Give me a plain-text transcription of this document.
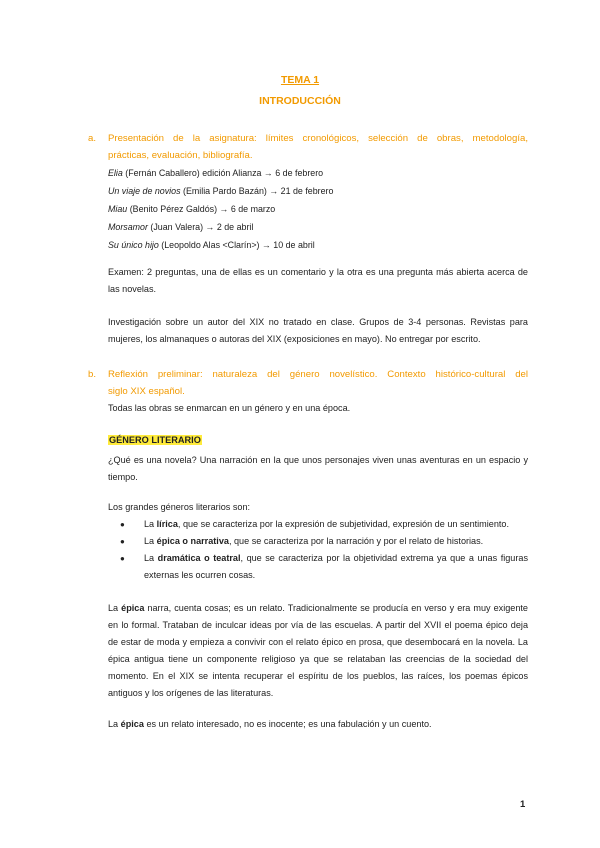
TEMA 1
INTRODUCCIÓN
a. Presentación de la asignatura: límites cronológicos, selección de obras, metodología,
prácticas, evaluación, bibliografía.
Elia (Fernán Caballero) edición Alianza → 6 de febrero
Un viaje de novios (Emilia Pardo Bazán) → 21 de febrero
Miau (Benito Pérez Galdós) → 6 de marzo
Morsamor (Juan Valera) → 2 de abril
Su único hijo (Leopoldo Alas <Clarín>) → 10 de abril
Examen: 2 preguntas, una de ellas es un comentario y la otra es una pregunta más abierta acerca de
las novelas.
Investigación sobre un autor del XIX no tratado en clase. Grupos de 3-4 personas. Revistas para
mujeres, los almanaques o autoras del XIX (exposiciones en mayo). No entregar por escrito.
b. Reflexión preliminar: naturaleza del género novelístico. Contexto histórico-cultural del
siglo XIX español.
Todas las obras se enmarcan en un género y en una época.
GÉNERO LITERARIO
¿Qué es una novela? Una narración en la que unos personajes viven unas aventuras en un espacio y
tiempo.
Los grandes géneros literarios son:
● La lírica, que se caracteriza por la expresión de subjetividad, expresión de un sentimiento.
● La épica o narrativa, que se caracteriza por la narración y por el relato de historias.
● La dramática o teatral, que se caracteriza por la objetividad extrema ya que a unas figuras
externas les ocurren cosas.
La épica narra, cuenta cosas; es un relato. Tradicionalmente se producía en verso y era muy exigente
en lo formal. Trataban de inculcar ideas por vía de las escuelas. A partir del XVII el poema épico deja
de estar de moda y empieza a convivir con el relato épico en prosa, que desembocará en la novela. La
épica antigua tiene un componente religioso ya que se relataban las creencias de la sociedad del
momento. En el XIX se intenta recuperar el espíritu de los pueblos, las raíces, los poemas épicos
antiguos y los orígenes de las literaturas.
La épica es un relato interesado, no es inocente; es una fabulación y un cuento.
1
